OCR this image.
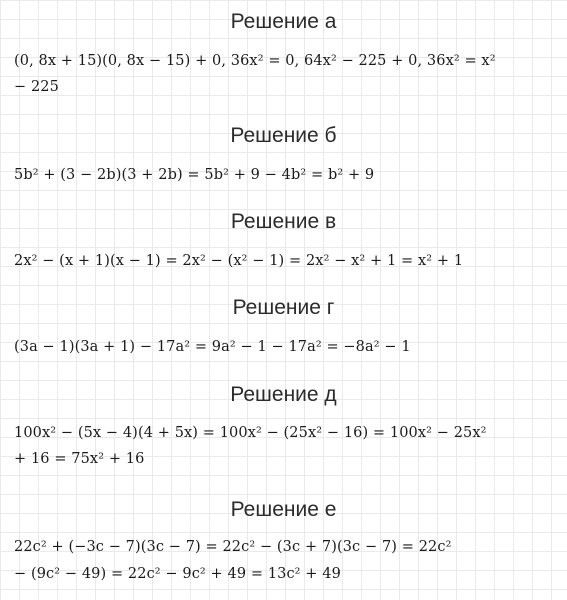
Решение а
(0, 8x + 15)(0, 8x − 15) + 0, 36x² = 0, 64x² − 225 + 0, 36x² = x²
− 225
Решение б
5b² + (3 − 2b)(3 + 2b) = 5b² + 9 − 4b² = b² + 9
Решение в
2x² − (x + 1)(x − 1) = 2x² − (x² − 1) = 2x² − x² + 1 = x² + 1
Решение г
(3a − 1)(3a + 1) − 17a² = 9a² − 1 − 17a² = −8a² − 1
Решение д
100x² − (5x − 4)(4 + 5x) = 100x² − (25x² − 16) = 100x² − 25x²
+ 16 = 75x² + 16
Решение е
22c² + (−3c − 7)(3c − 7) = 22c² − (3c + 7)(3c − 7) = 22c²
− (9c² − 49) = 22c² − 9c² + 49 = 13c² + 49
